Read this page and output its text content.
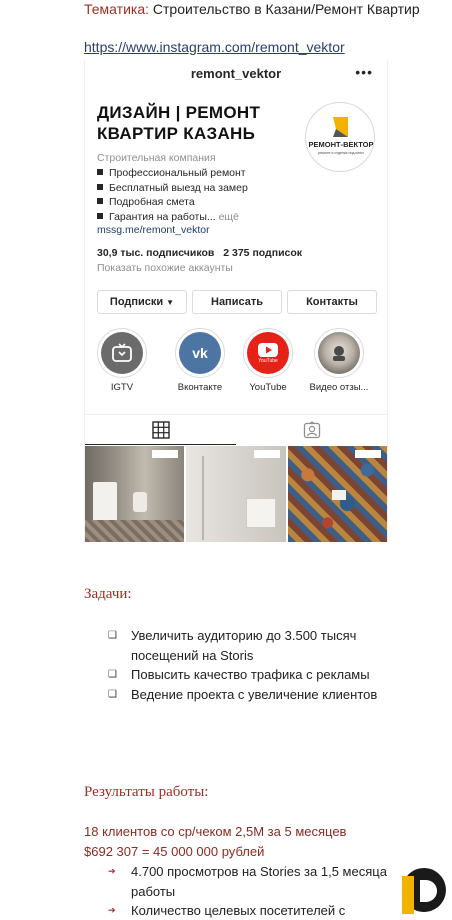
Тематика: Строительство в Казани/Ремонт Квартир
https://www.instagram.com/remont_vektor
remont_vektor	•••
ДИЗАЙН | РЕМОНТ КВАРТИР КАЗАНЬ
РЕМОНТ-ВЕКТОР
ремонт и отделка под ключ
Строительная компания
Профессиональный ремонт
Бесплатный выезд на замер
Подробная смета
Гарантия на работы... ещё
mssg.me/remont_vektor
30,9 тыс. подписчиков 2 375 подписок
Показать похожие аккаунты
Подписки ▼	Написать	Контакты
IGTV
vk
Вконтакте
YouTube
YouTube	Видео отзы...
Задачи:
❑ Увеличить аудиторию до 3.500 тысяч посещений на Storis
❑ Повысить качество трафика с рекламы
❑ Ведение проекта с увеличение клиентов
Результаты работы:
18 клиентов со ср/чеком 2,5М за 5 месяцев
$692 307 = 45 000 000 рублей
➔ 4.700 просмотров на Stories за 1,5 месяца работы
➔ Количество целевых посетителей с
